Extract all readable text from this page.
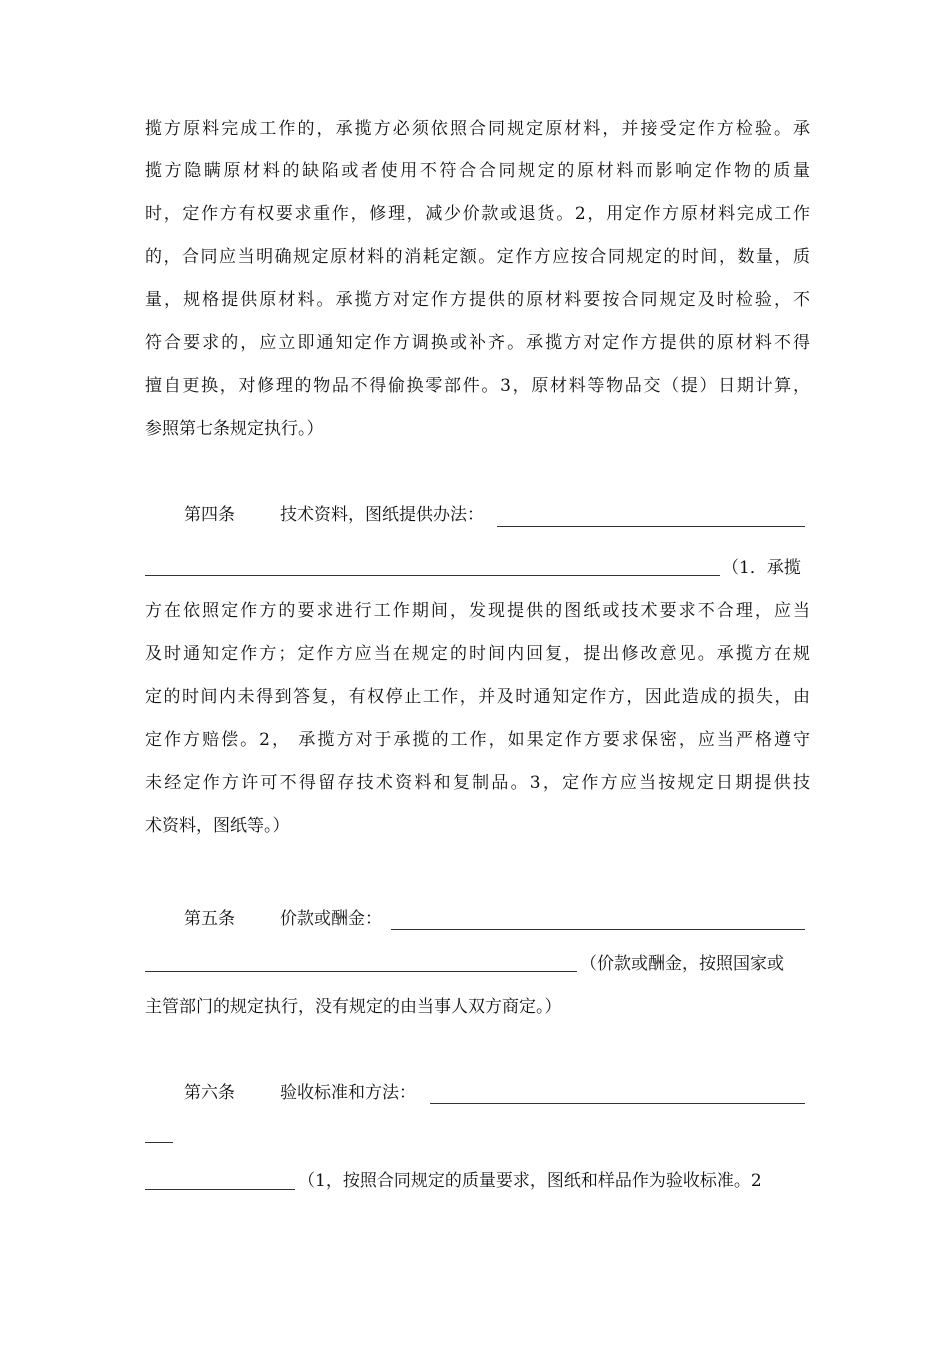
揽方原料完成工作的，承揽方必须依照合同规定原材料，并接受定作方检验。承
揽方隐瞒原材料的缺陷或者使用不符合合同规定的原材料而影响定作物的质量
时，定作方有权要求重作，修理，减少价款或退货。2，用定作方原材料完成工作
的，合同应当明确规定原材料的消耗定额。定作方应按合同规定的时间，数量，质
量，规格提供原材料。承揽方对定作方提供的原材料要按合同规定及时检验，不
符合要求的，应立即通知定作方调换或补齐。承揽方对定作方提供的原材料不得
擅自更换，对修理的物品不得偷换零部件。3，原材料等物品交（提）日期计算，
参照第七条规定执行。）
第四条	技术资料，图纸提供办法：
（1．承揽
方在依照定作方的要求进行工作期间，发现提供的图纸或技术要求不合理，应当
及时通知定作方；定作方应当在规定的时间内回复，提出修改意见。承揽方在规
定的时间内未得到答复，有权停止工作，并及时通知定作方，因此造成的损失，由
定作方赔偿。2， 承揽方对于承揽的工作，如果定作方要求保密，应当严格遵守
未经定作方许可不得留存技术资料和复制品。3，定作方应当按规定日期提供技
术资料，图纸等。）
第五条	价款或酬金：
（价款或酬金，按照国家或
主管部门的规定执行，没有规定的由当事人双方商定。）
第六条	验收标准和方法：
（1，按照合同规定的质量要求，图纸和样品作为验收标准。2
